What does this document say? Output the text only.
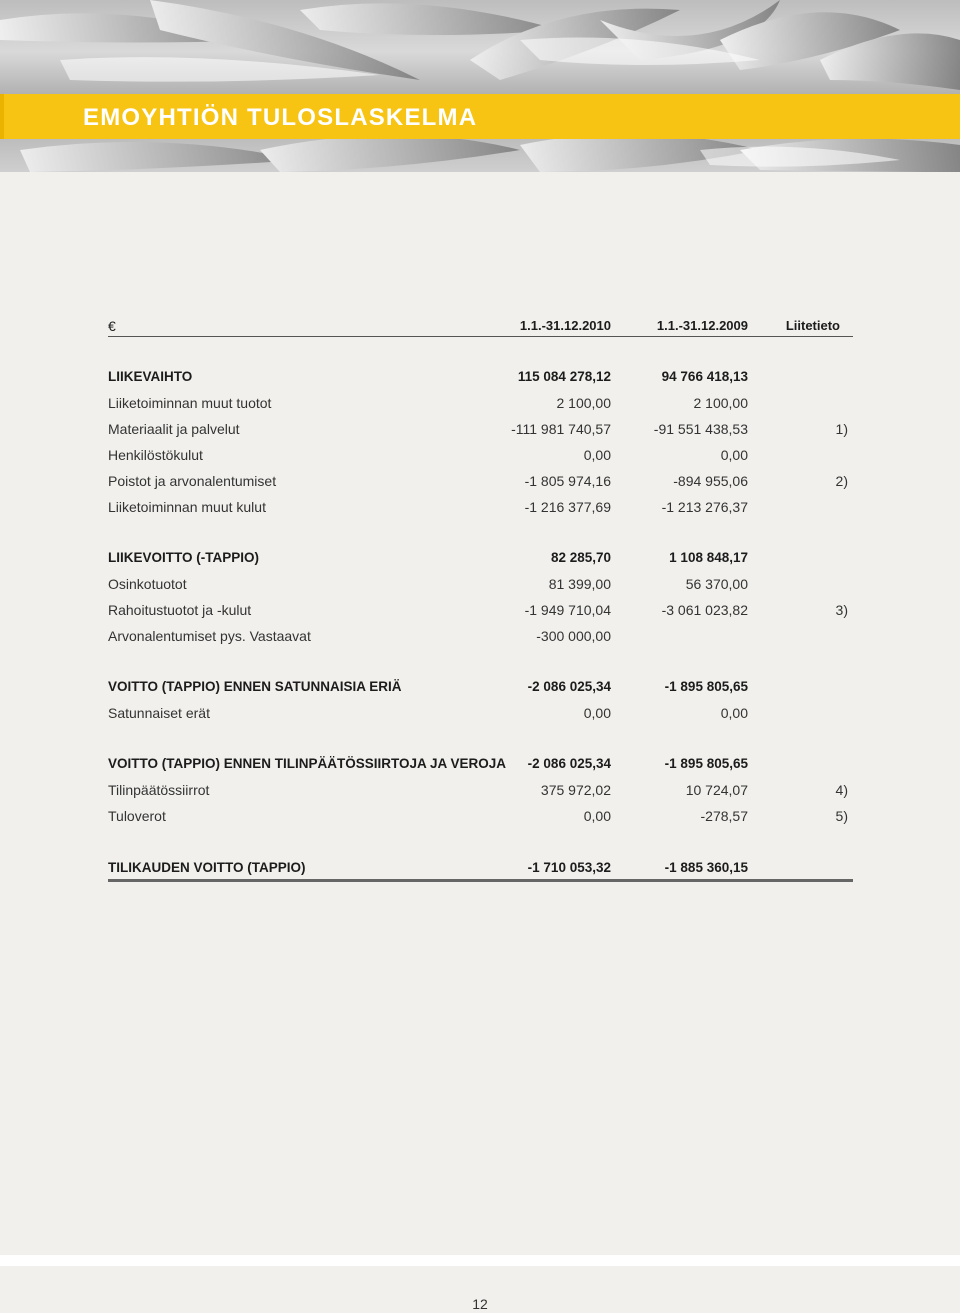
EMOYHTIÖN TULOSLASKELMA
€	1.1.-31.12.2010	1.1.-31.12.2009	Liitetieto
LIIKEVAIHTO	115 084 278,12	94 766 418,13
Liiketoiminnan muut tuotot	2 100,00	2 100,00
Materiaalit ja palvelut	-111 981 740,57	-91 551 438,53	1)
Henkilöstökulut	0,00	0,00
Poistot ja arvonalentumiset	-1 805 974,16	-894 955,06	2)
Liiketoiminnan muut kulut	-1 216 377,69	-1 213 276,37
LIIKEVOITTO (-TAPPIO)	82 285,70	1 108 848,17
Osinkotuotot	81 399,00	56 370,00
Rahoitustuotot ja -kulut	-1 949 710,04	-3 061 023,82	3)
Arvonalentumiset pys. Vastaavat	-300 000,00
VOITTO (TAPPIO) ENNEN SATUNNAISIA ERIÄ	-2 086 025,34	-1 895 805,65
Satunnaiset erät	0,00	0,00
VOITTO (TAPPIO) ENNEN TILINPÄÄTÖSSIIRTOJA JA VEROJA -2 086 025,34	-1 895 805,65
Tilinpäätössiirrot	375 972,02	10 724,07	4)
Tuloverot	0,00	-278,57	5)
TILIKAUDEN VOITTO (TAPPIO)	-1 710 053,32	-1 885 360,15
12
